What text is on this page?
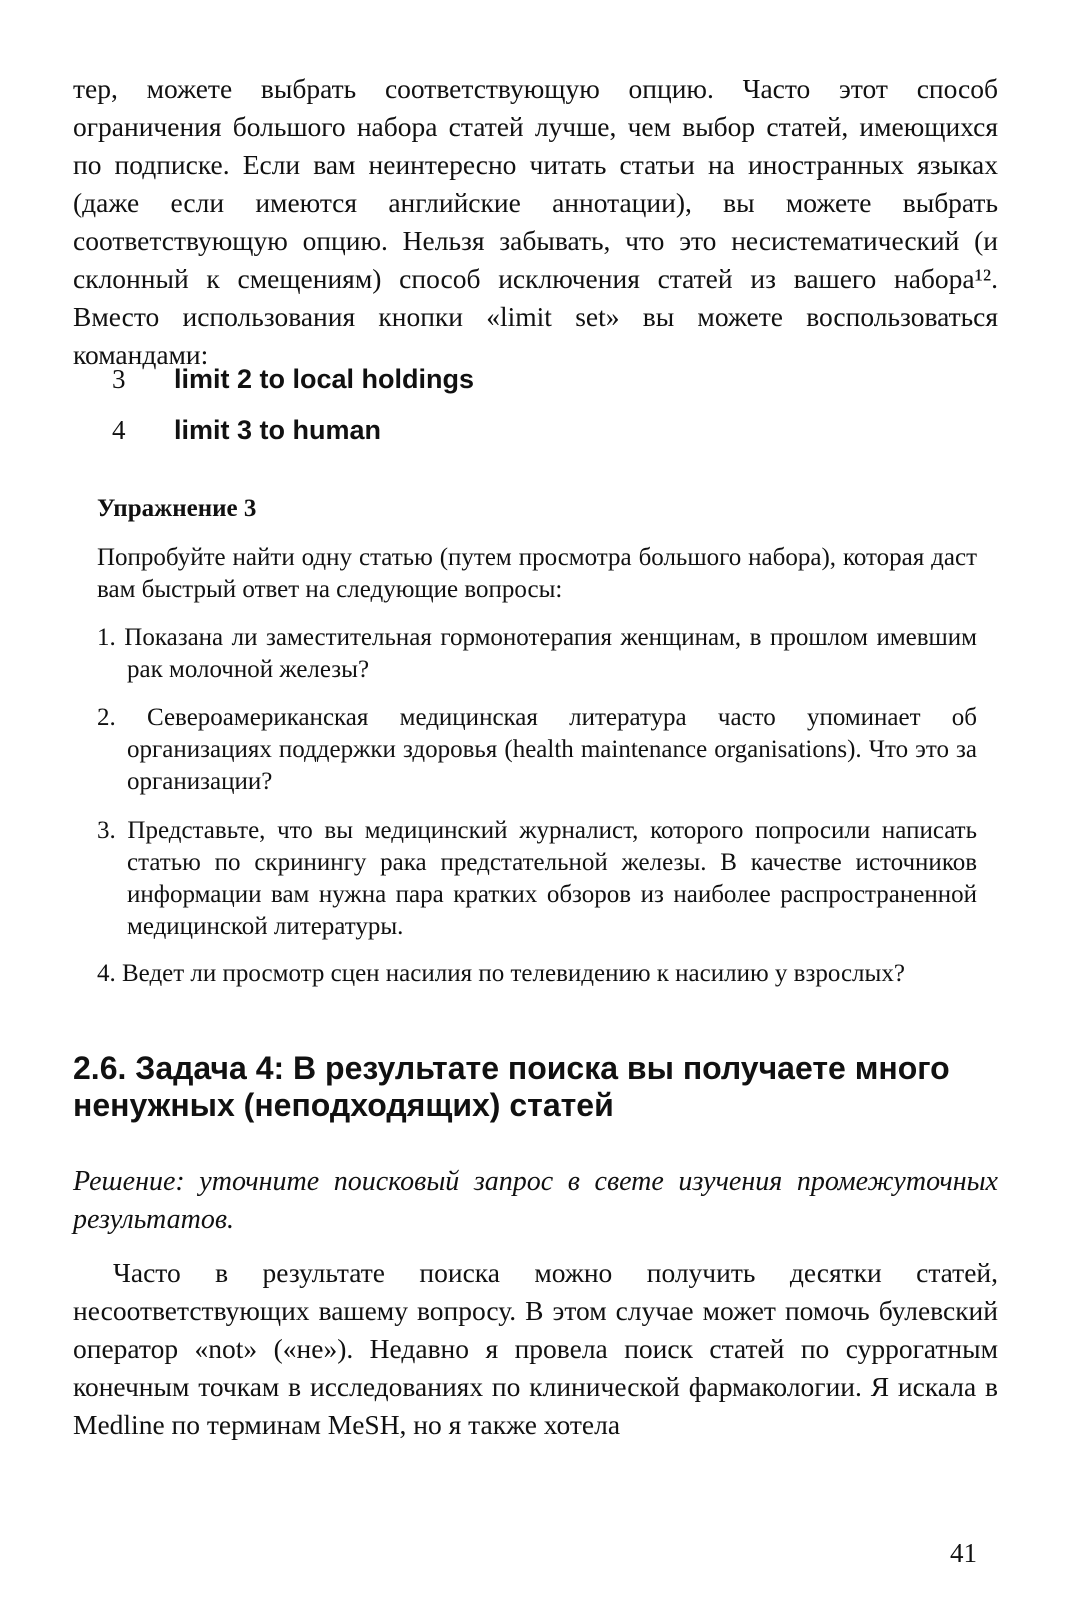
тер, можете выбрать соответствующую опцию. Часто этот способ ограничения большого набора статей лучше, чем выбор статей, имеющихся по подписке. Если вам неинтересно читать статьи на иностранных языках (даже если имеются английские аннотации), вы можете выбрать соответствующую опцию. Нельзя забывать, что это несистематический (и склонный к смещениям) способ исключения статей из вашего набора¹². Вместо использования кнопки «limit set» вы можете воспользоваться командами:

3 limit 2 to local holdings
4 limit 3 to human
Упражнение 3

Попробуйте найти одну статью (путем просмотра большого набора), которая даст вам быстрый ответ на следующие вопросы:

1. Показана ли заместительная гормонотерапия женщинам, в прошлом имевшим рак молочной железы?

2. Североамериканская медицинская литература часто упоминает об организациях поддержки здоровья (health maintenance organisations). Что это за организации?

3. Представьте, что вы медицинский журналист, которого попросили написать статью по скринингу рака предстательной железы. В качестве источников информации вам нужна пара кратких обзоров из наиболее распространенной медицинской литературы.

4. Ведет ли просмотр сцен насилия по телевидению к насилию у взрослых?

2.6. Задача 4: В результате поиска вы получаете много ненужных (неподходящих) статей

Решение: уточните поисковый запрос в свете изучения промежуточных результатов.

Часто в результате поиска можно получить десятки статей, несоответствующих вашему вопросу. В этом случае может помочь булевский оператор «not» («не»). Недавно я провела поиск статей по суррогатным конечным точкам в исследованиях по клинической фармакологии. Я искала в Medline по терминам MeSH, но я также хотела

41
